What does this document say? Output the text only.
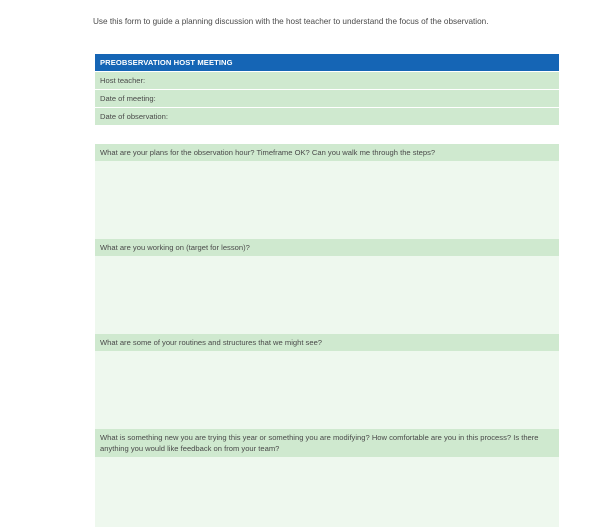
Use this form to guide a planning discussion with the host teacher to understand the focus of the observation.
PREOBSERVATION HOST MEETING
Host teacher:
Date of meeting:
Date of observation:
What are your plans for the observation hour? Timeframe OK? Can you walk me through the steps?
What are you working on (target for lesson)?
What are some of your routines and structures that we might see?
What is something new you are trying this year or something you are modifying? How comfortable are you in this process? Is there anything you would like feedback on from your team?
